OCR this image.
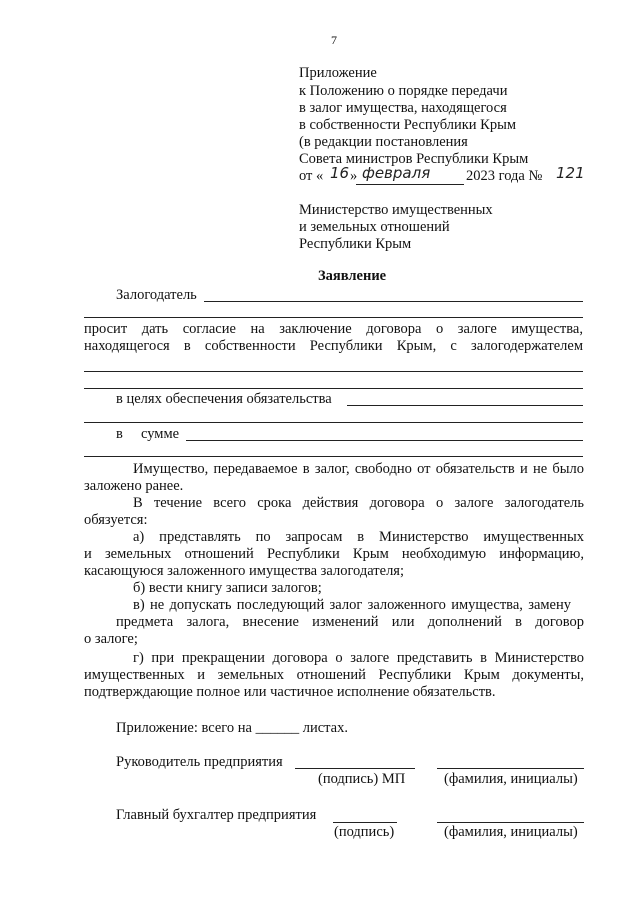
7
Приложение
к Положению о порядке передачи
в залог имущества, находящегося
в собственности Республики Крым
(в редакции постановления
Совета министров Республики Крым
от « 16 » февраля 2023 года № 121
Министерство имущественных
и земельных отношений
Республики Крым
Заявление
Залогодатель
просит дать согласие на заключение договора о залоге имущества,
находящегося в собственности Республики Крым, с залогодержателем
в целях обеспечения обязательства
в сумме
Имущество, передаваемое в залог, свободно от обязательств и не было
заложено ранее.
В течение всего срока действия договора о залоге залогодатель
обязуется:
а) представлять по запросам в Министерство имущественных
и земельных отношений Республики Крым необходимую информацию,
касающуюся заложенного имущества залогодателя;
б) вести книгу записи залогов;
в) не допускать последующий залог заложенного имущества, замену
предмета залога, внесение изменений или дополнений в договор
о залоге;
г) при прекращении договора о залоге представить в Министерство
имущественных и земельных отношений Республики Крым документы,
подтверждающие полное или частичное исполнение обязательств.
Приложение: всего на ______ листах.
Руководитель предприятия
(подпись) МП	(фамилия, инициалы)
Главный бухгалтер предприятия
(подпись)	(фамилия, инициалы)
